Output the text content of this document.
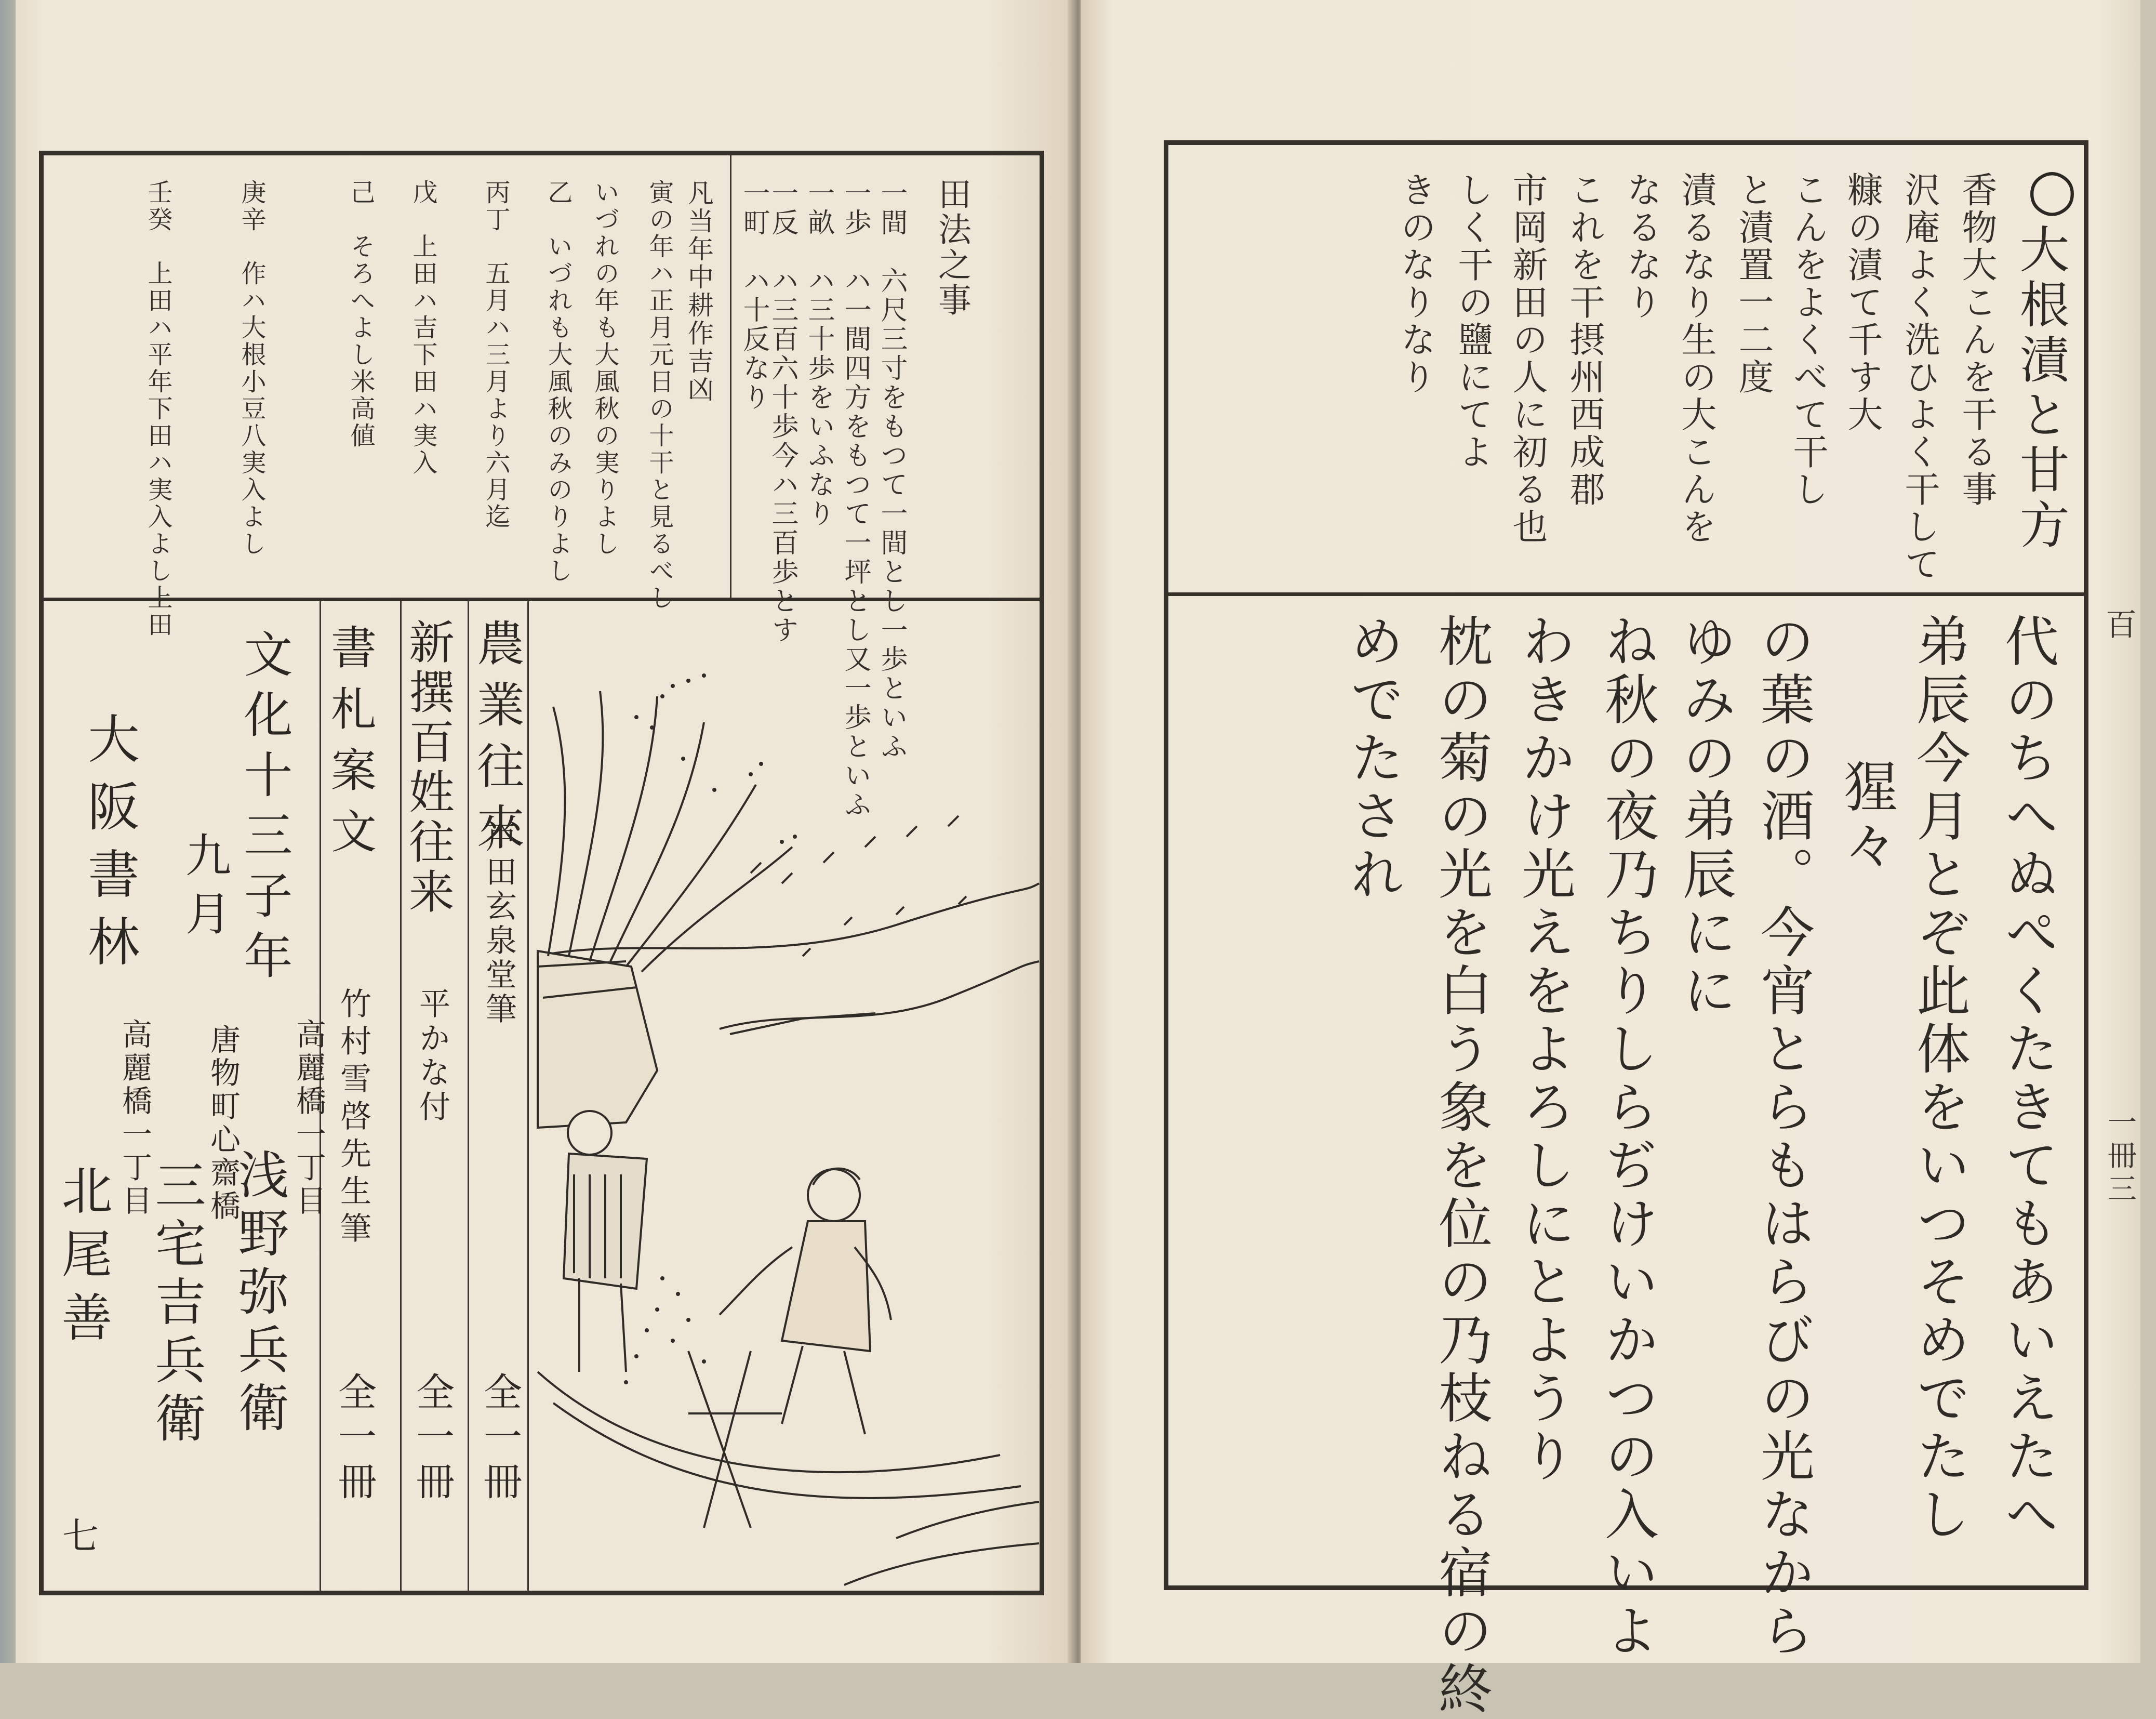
田法之事
一間　六尺三寸をもつて一間とし一歩といふ
一歩　ハ一間四方をもつて一坪とし又一歩といふ
一畝　ハ三十歩をいふなり
一反　ハ三百六十歩今ハ三百歩とす
一町　ハ十反なり
凡当年中耕作吉凶
寅の年ハ正月元日の十干と見るべし
いづれの年も大風秋の実りよし
乙　いづれも大風秋のみのりよし
丙丁　五月ハ三月より六月迄
戊　上田ハ吉下田ハ実入
己　そろへよし米高値
庚辛　作ハ大根小豆八実入よし
壬癸　上田ハ平年下田ハ実入よし上田
農業往來
戸田玄泉堂筆
全一冊
新撰百姓往来
平かな付
全一冊
書札案文
竹村雪啓先生筆
全一冊
文化十三子年
九月
大阪書林
高麗橋一丁目
浅野弥兵衛
唐物町心齋橋
三宅吉兵衛
高麗橋一丁目
北尾善
七
○
大根漬と甘方
香物大こんを干る事
沢庵よく洗ひよく干して
糠の漬て千す大
こんをよくべて干し
と漬置一二度
漬るなり生の大こんを
なるなり
これを干摂州西成郡
市岡新田の人に初る也
しく干の鹽にてよ
きのなりなり
代のちへぬぺくたきてもあいえたへ
弟辰今月とぞ此体をいつそめでたし
猩々
の葉の酒。今宵とらもはらびの光なから
ゆみの弟辰にに
ね秋の夜乃ちりしらぢけいかつの入いよ
わきかけ光えをよろしにとようり
枕の菊の光を白う象を位の乃枝ねる宿の終
めでたされ	百
一冊三
